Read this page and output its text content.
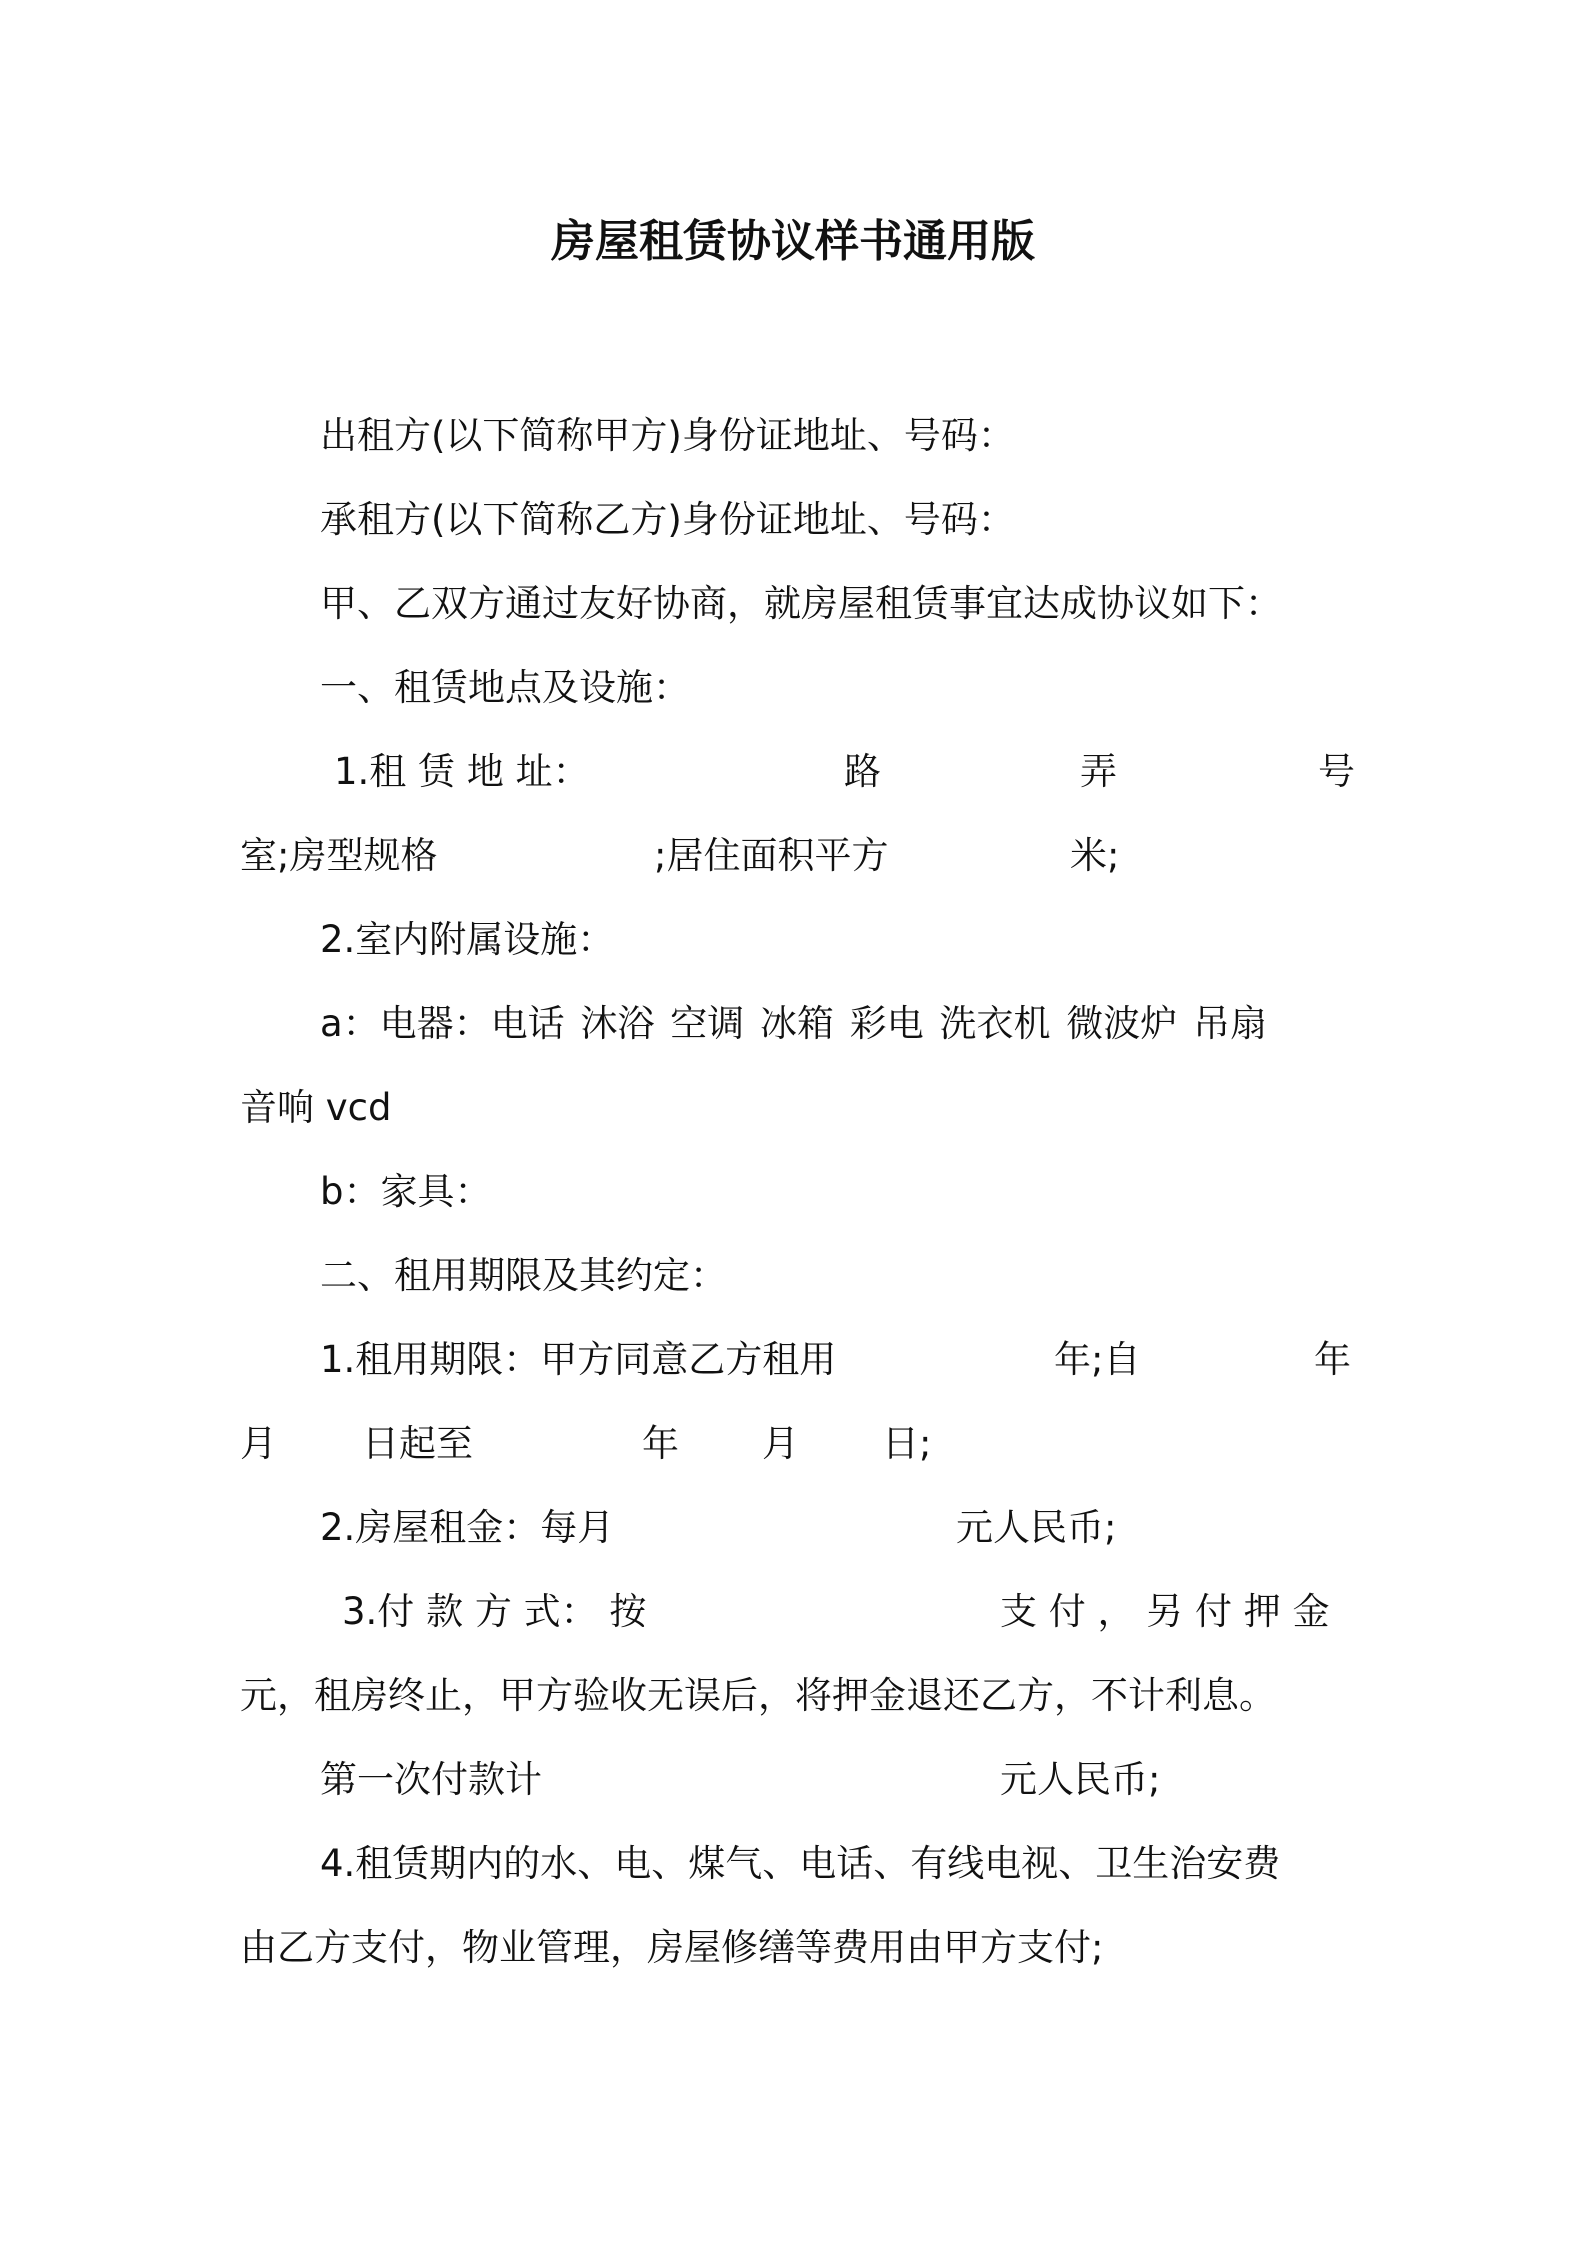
房屋租赁协议样书通用版
出租方(以下简称甲方)身份证地址、号码：
承租方(以下简称乙方)身份证地址、号码：
甲、乙双方通过友好协商，就房屋租赁事宜达成协议如下：
一、租赁地点及设施：
1.租 赁 地 址：	路	弄	号
室;房型规格	;居住面积平方	米;
2.室内附属设施：
a：电器：电话 沐浴 空调 冰箱 彩电 洗衣机 微波炉 吊扇
音响 vcd
b：家具：
二、租用期限及其约定：
1.租用期限：甲方同意乙方租用	年;自	年
月 日起至	年 月 日;
2.房屋租金：每月	元人民币;
3.付 款 方 式： 按	支 付 ， 另 付 押 金
元，租房终止，甲方验收无误后，将押金退还乙方，不计利息。
第一次付款计	元人民币;
4.租赁期内的水、电、煤气、电话、有线电视、卫生治安费
由乙方支付，物业管理，房屋修缮等费用由甲方支付;
